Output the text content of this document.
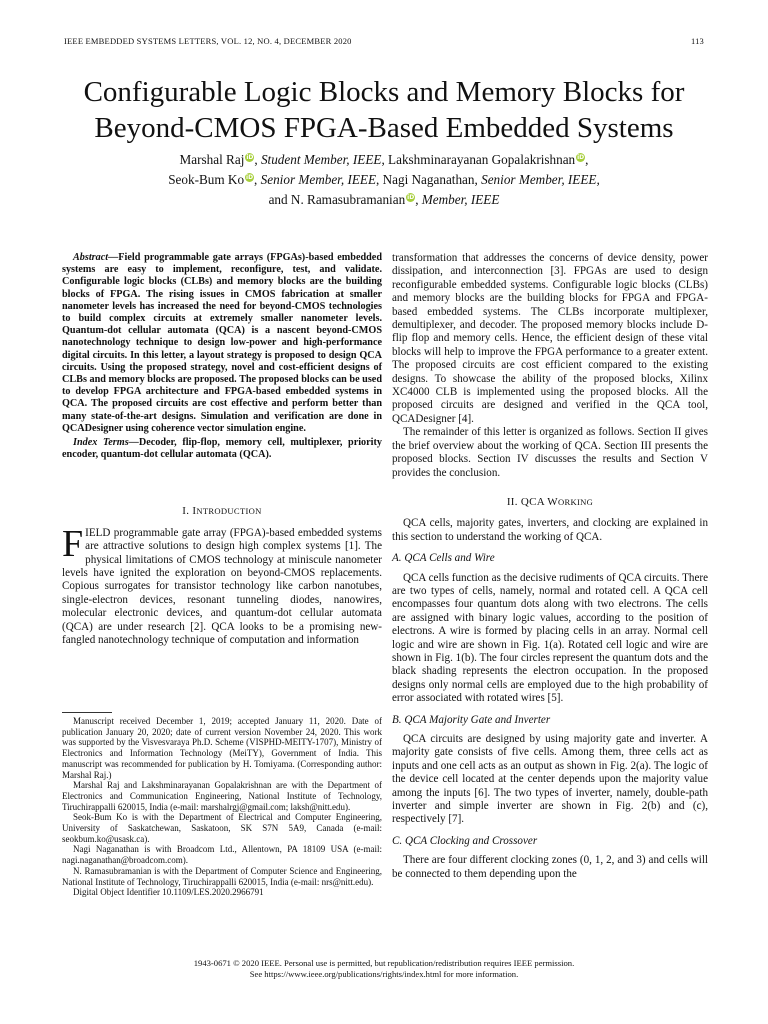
IEEE EMBEDDED SYSTEMS LETTERS, VOL. 12, NO. 4, DECEMBER 2020	113
Configurable Logic Blocks and Memory Blocks for
Beyond-CMOS FPGA-Based Embedded Systems
Marshal Raj iD, Student Member, IEEE, Lakshminarayanan Gopalakrishnan iD,
Seok-Bum Ko iD, Senior Member, IEEE, Nagi Naganathan, Senior Member, IEEE,
and N. Ramasubramanian iD, Member, IEEE

Abstract—Field programmable gate arrays (FPGAs)-based embedded systems are easy to implement, reconfigure, test, and validate. Configurable logic blocks (CLBs) and memory blocks are the building blocks of FPGA. The rising issues in CMOS fabrication at smaller nanometer levels has increased the need for beyond-CMOS technologies to build complex circuits at extremely smaller nanometer levels. Quantum-dot cellular automata (QCA) is a nascent beyond-CMOS nanotechnology technique to design low-power and high-performance digital circuits. In this letter, a layout strategy is proposed to design QCA circuits. Using the proposed strategy, novel and cost-efficient designs of CLBs and memory blocks are proposed. The proposed blocks can be used to develop FPGA architecture and FPGA-based embedded systems in QCA. The proposed circuits are cost effective and perform better than many state-of-the-art designs. Simulation and verification are done in QCADesigner using coherence vector simulation engine.

Index Terms—Decoder, flip-flop, memory cell, multiplexer, priority encoder, quantum-dot cellular automata (QCA).

I. INTRODUCTION

FIELD programmable gate array (FPGA)-based embedded systems are attractive solutions to design high complex systems [1]. The physical limitations of CMOS technology at miniscule nanometer levels have ignited the exploration on beyond-CMOS replacements. Copious surrogates for transistor technology like carbon nanotubes, single-electron devices, resonant tunneling diodes, nanowires, molecular electronic devices, and quantum-dot cellular automata (QCA) are under research [2]. QCA looks to be a promising new-fangled nanotechnology technique of computation and information

Manuscript received December 1, 2019; accepted January 11, 2020. Date of publication January 20, 2020; date of current version November 24, 2020. This work was supported by the Visvesvaraya Ph.D. Scheme (VISPHD-MEITY-1707), Ministry of Electronics and Information Technology (MeiTY), Government of India. This manuscript was recommended for publication by H. Tomiyama. (Corresponding author: Marshal Raj.)

Marshal Raj and Lakshminarayanan Gopalakrishnan are with the Department of Electronics and Communication Engineering, National Institute of Technology, Tiruchirappalli 620015, India (e-mail: marshalrgj@gmail.com; laksh@nitt.edu).

Seok-Bum Ko is with the Department of Electrical and Computer Engineering, University of Saskatchewan, Saskatoon, SK S7N 5A9, Canada (e-mail: seokbum.ko@usask.ca).

Nagi Naganathan is with Broadcom Ltd., Allentown, PA 18109 USA (e-mail: nagi.naganathan@broadcom.com).

N. Ramasubramanian is with the Department of Computer Science and Engineering, National Institute of Technology, Tiruchirappalli 620015, India (e-mail: nrs@nitt.edu).

Digital Object Identifier 10.1109/LES.2020.2966791

transformation that addresses the concerns of device density, power dissipation, and interconnection [3]. FPGAs are used to design reconfigurable embedded systems. Configurable logic blocks (CLBs) and memory blocks are the building blocks for FPGA and FPGA-based embedded systems. The CLBs incorporate multiplexer, demultiplexer, and decoder. The proposed memory blocks include D-flip flop and memory cells. Hence, the efficient design of these vital blocks will help to improve the FPGA performance to a greater extent. The proposed circuits are cost efficient compared to the existing designs. To showcase the ability of the proposed blocks, Xilinx XC4000 CLB is implemented using the proposed blocks. All the proposed circuits are designed and verified in the QCA tool, QCADesigner [4].

The remainder of this letter is organized as follows. Section II gives the brief overview about the working of QCA. Section III presents the proposed blocks. Section IV discusses the results and Section V provides the conclusion.

II. QCA WORKING

QCA cells, majority gates, inverters, and clocking are explained in this section to understand the working of QCA.

A. QCA Cells and Wire

QCA cells function as the decisive rudiments of QCA circuits. There are two types of cells, namely, normal and rotated cell. A QCA cell encompasses four quantum dots along with two electrons. The cells are assigned with binary logic values, according to the position of electrons. A wire is formed by placing cells in an array. Normal cell logic and wire are shown in Fig. 1(a). Rotated cell logic and wire are shown in Fig. 1(b). The four circles represent the quantum dots and the black shading represents the electron occupation. In the proposed designs only normal cells are employed due to the high probability of error associated with rotated wires [5].

B. QCA Majority Gate and Inverter

QCA circuits are designed by using majority gate and inverter. A majority gate consists of five cells. Among them, three cells act as inputs and one cell acts as an output as shown in Fig. 2(a). The logic of the device cell located at the center depends upon the majority value among the inputs [6]. The two types of inverter, namely, double-path inverter and simple inverter are shown in Fig. 2(b) and (c), respectively [7].

C. QCA Clocking and Crossover

There are four different clocking zones (0, 1, 2, and 3) and cells will be connected to them depending upon the

1943-0671 © 2020 IEEE. Personal use is permitted, but republication/redistribution requires IEEE permission.
See https://www.ieee.org/publications/rights/index.html for more information.
